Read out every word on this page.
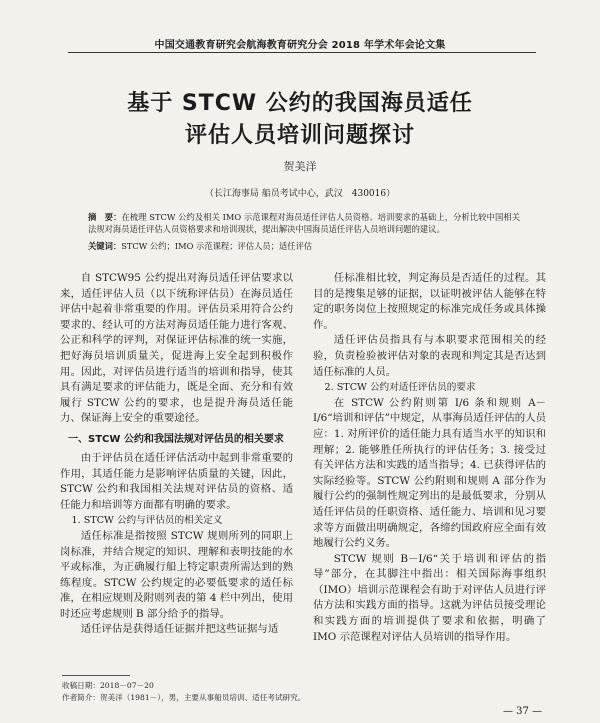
中国交通教育研究会航海教育研究分会 2018 年学术年会论文集
基于 STCW 公约的我国海员适任
评估人员培训问题探讨
贺美洋
（长江海事局 船员考试中心，武汉　430016）
摘　要：在梳理 STCW 公约及相关 IMO 示范课程对海员适任评估人员资格、培训要求的基础上，分析比较中国相关法规对海员适任评估人员资格要求和培训现状，提出解决中国海员适任评估人员培训问题的建议。
关键词：STCW 公约；IMO 示范课程；评估人员；适任评估

自 STCW95 公约提出对海员适任评估要求以来，适任评估人员（以下统称评估员）在海员适任评估中起着非常重要的作用。评估员采用符合公约要求的、经认可的方法对海员适任能力进行客观、公正和科学的评判，对保证评估标准的统一实施，把好海员培训质量关，促进海上安全起到积极作用。因此，对评估员进行适当的培训和指导，使其具有满足要求的评估能力，既是全面、充分和有效履行 STCW 公约的要求，也是提升海员适任能力、保证海上安全的重要途径。

一、STCW 公约和我国法规对评估员的相关要求

由于评估员在适任评估活动中起到非常重要的作用，其适任能力是影响评估质量的关键，因此，STCW 公约和我国相关法规对评估员的资格、适任能力和培训等方面都有明确的要求。

1. STCW 公约与评估员的相关定义

适任标准是指按照 STCW 规则所列的同职上岗标准，并结合规定的知识、理解和表明技能的水平或标准，为正确履行船上特定职责所需达到的熟练程度。STCW 公约规定的必要低要求的适任标准，在相应规则及附则列表的第 4 栏中列出，使用时还应考虑规则 B 部分给予的指导。

适任评估是获得适任证据并把这些证据与适

任标准相比较，判定海员是否适任的过程。其目的是搜集足够的证据，以证明被评估人能够在特定的职务岗位上按照规定的标准完成任务或具体操作。

适任评估员指具有与本职要求范围相关的经验，负责检验被评估对象的表现和判定其是否达到适任标准的人员。

2. STCW 公约对适任评估员的要求

在 STCW 公约附则第 I/6 条和规则 A－I/6“培训和评估”中规定，从事海员适任评估的人员应：1. 对所评价的适任能力具有适当水平的知识和理解；2. 能够胜任所执行的评估任务；3. 接受过有关评估方法和实践的适当指导；4. 已获得评估的实际经验等。STCW 公约附则和规则 A 部分作为履行公约的强制性规定列出的是最低要求，分别从适任评估员的任职资格、适任能力、培训和见习要求等方面做出明确规定，各缔约国政府应全面有效地履行公约义务。

STCW 规则 B－I/6“关于培训和评估的指导”部分，在其脚注中指出：相关国际海事组织（IMO）培训示范课程会有助于对评估人员进行评估方法和实践方面的指导。这就为评估员接受理论和实践方面的培训提供了要求和依据，明确了 IMO 示范课程对评估人员培训的指导作用。

收稿日期：2018－07－20
作者简介：贺美洋（1981－），男，主要从事船员培训、适任考试研究。
— 37 —
